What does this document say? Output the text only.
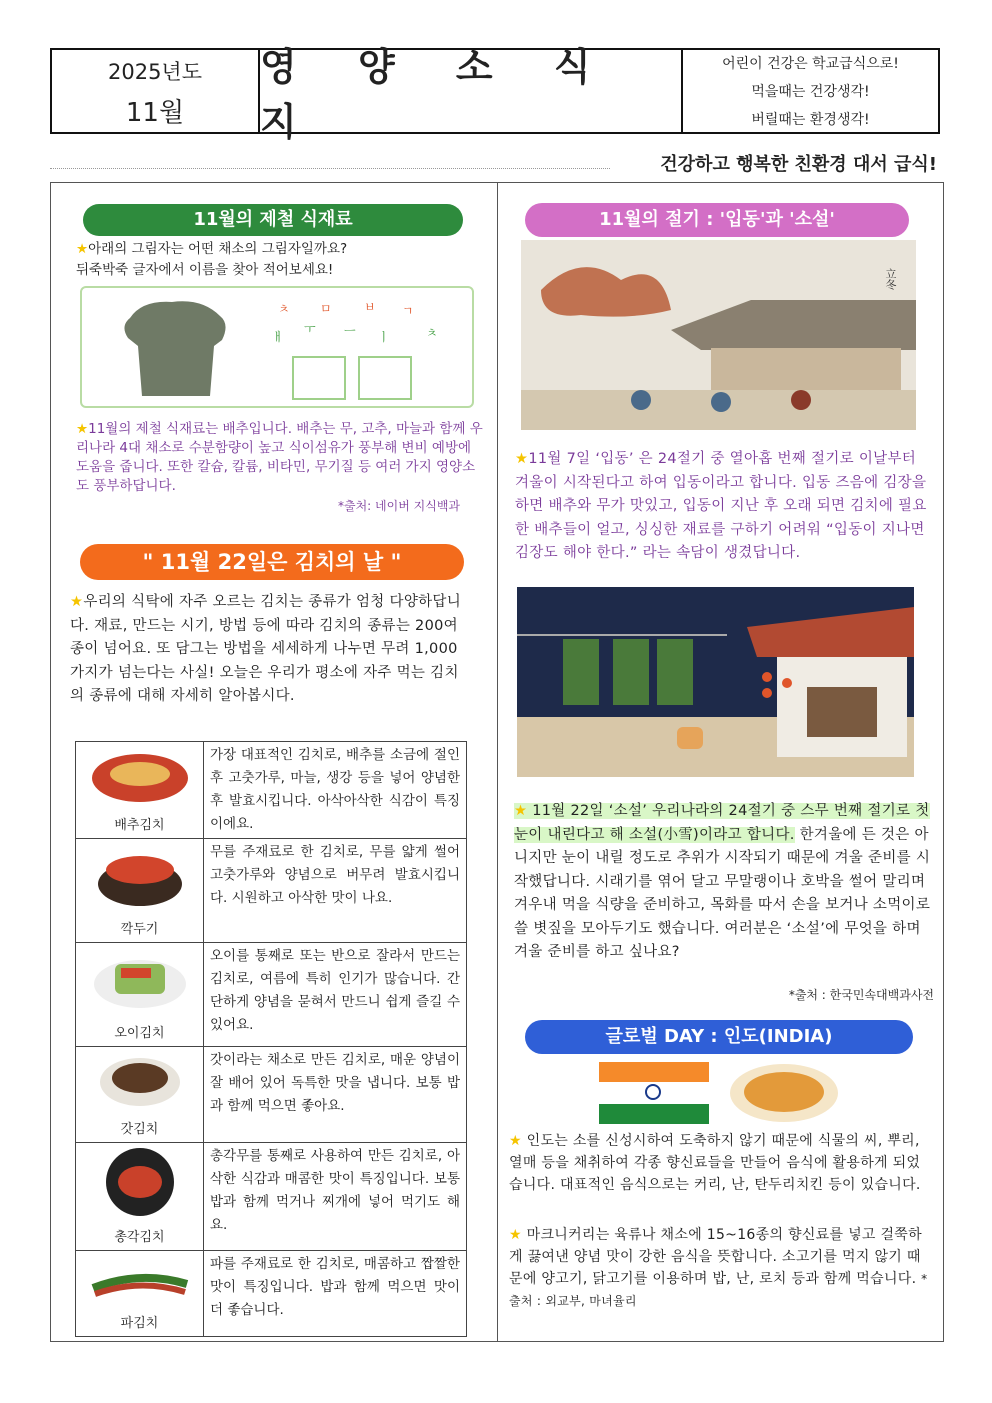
2025년도
11월
영 양 소 식 지
어린이 건강은 학교급식으로!
먹을때는 건강생각!
버릴때는 환경생각!
건강하고 행복한 친환경 대서 급식!
11월의 제철 식재료
★아래의 그림자는 어떤 채소의 그림자일까요?
뒤죽박죽 글자에서 이름을 찾아 적어보세요!
ㅊ	ㅁ	ㅂ ㄱ
ㅐ
ㅜ ㅡ ㅣ	ㅊ
★11월의 제철 식재료는 배추입니다. 배추는 무, 고추, 마늘과 함께 우리나라 4대 채소로 수분함량이 높고 식이섬유가 풍부해 변비 예방에 도움을 줍니다. 또한 칼슘, 칼륨, 비타민, 무기질 등 여러 가지 영양소도 풍부하답니다.
*출처: 네이버 지식백과
" 11월 22일은 김치의 날 "
★우리의 식탁에 자주 오르는 김치는 종류가 엄청 다양하답니다. 재료, 만드는 시기, 방법 등에 따라 김치의 종류는 200여 종이 넘어요. 또 담그는 방법을 세세하게 나누면 무려 1,000가지가 넘는다는 사실! 오늘은 우리가 평소에 자주 먹는 김치의 종류에 대해 자세히 알아봅시다.
배추김치	가장 대표적인 김치로, 배추를 소금에 절인 후 고춧가루, 마늘, 생강 등을 넣어 양념한 후 발효시킵니다. 아삭아삭한 식감이 특징이에요.

깍두기	무를 주재료로 한 김치로, 무를 얇게 썰어 고춧가루와 양념으로 버무려 발효시킵니다. 시원하고 아삭한 맛이 나요.

오이김치	오이를 통째로 또는 반으로 잘라서 만드는 김치로, 여름에 특히 인기가 많습니다. 간단하게 양념을 묻혀서 만드니 쉽게 즐길 수 있어요.

갓김치	갓이라는 채소로 만든 김치로, 매운 양념이 잘 배어 있어 독특한 맛을 냅니다. 보통 밥과 함께 먹으면 좋아요.

총각김치	총각무를 통째로 사용하여 만든 김치로, 아삭한 식감과 매콤한 맛이 특징입니다. 보통 밥과 함께 먹거나 찌개에 넣어 먹기도 해요.

파김치	파를 주재료로 한 김치로, 매콤하고 짭짤한 맛이 특징입니다. 밥과 함께 먹으면 맛이 더 좋습니다.
11월의 절기 : '입동'과 '소설'
立冬
★11월 7일 ‘입동’ 은 24절기 중 열아홉 번째 절기로 이날부터 겨울이 시작된다고 하여 입동이라고 합니다. 입동 즈음에 김장을 하면 배추와 무가 맛있고, 입동이 지난 후 오래 되면 김치에 필요한 배추들이 얼고, 싱싱한 재료를 구하기 어려워 “입동이 지나면 김장도 해야 한다.” 라는 속담이 생겼답니다.
★ 11월 22일 ‘소설’ 우리나라의 24절기 중 스무 번째 절기로 첫눈이 내린다고 해 소설(小雪)이라고 합니다. 한겨울에 든 것은 아니지만 눈이 내릴 정도로 추위가 시작되기 때문에 겨울 준비를 시작했답니다. 시래기를 엮어 달고 무말랭이나 호박을 썰어 말리며 겨우내 먹을 식량을 준비하고, 목화를 따서 손을 보거나 소먹이로 쓸 볏짚을 모아두기도 했습니다. 여러분은 ‘소설’에 무엇을 하며 겨울 준비를 하고 싶나요?
*출처 : 한국민속대백과사전
글로벌 DAY : 인도(INDIA)
★ 인도는 소를 신성시하여 도축하지 않기 때문에 식물의 씨, 뿌리, 열매 등을 채취하여 각종 향신료들을 만들어 음식에 활용하게 되었습니다. 대표적인 음식으로는 커리, 난, 탄두리치킨 등이 있습니다.
★ 마크니커리는 육류나 채소에 15~16종의 향신료를 넣고 걸쭉하게 끓여낸 양념 맛이 강한 음식을 뜻합니다. 소고기를 먹지 않기 때문에 양고기, 닭고기를 이용하며 밥, 난, 로치 등과 함께 먹습니다. *출처 : 외교부, 마녀율리
